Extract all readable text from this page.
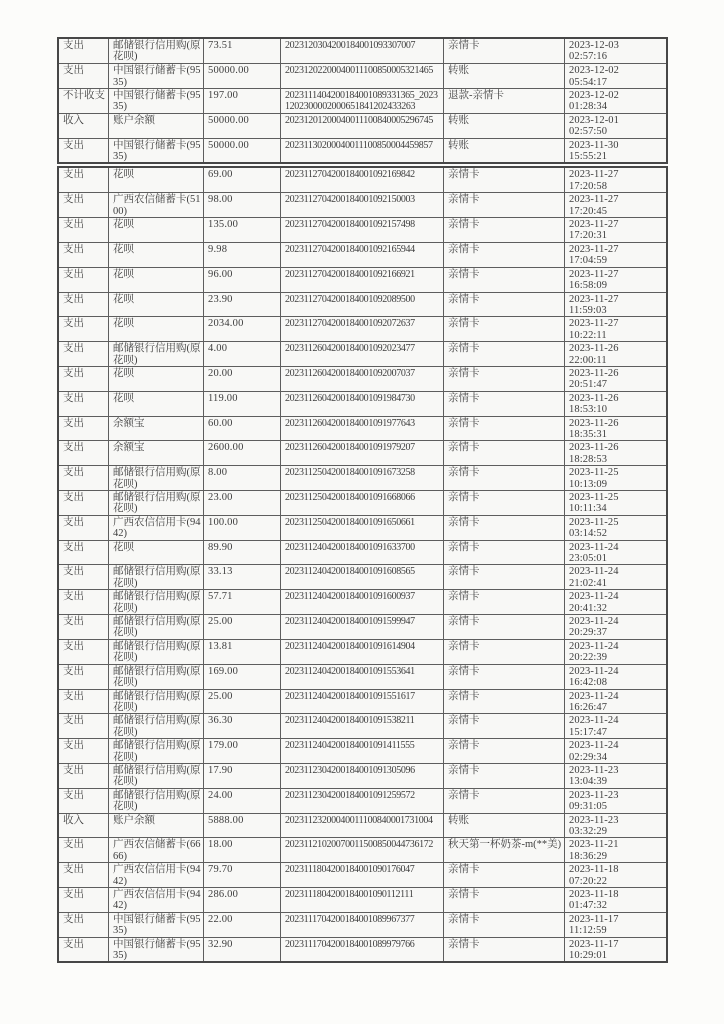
支出	邮储银行信用购(原花呗)
73.51	2023120304200184001093307007	亲情卡	2023-12-03
02:57:16
支出	中国银行储蓄卡(9535)
50000.00	20231202200040011100850005321465	转账	2023-12-02
05:54:17
不计收支 中国银行储蓄卡(9535)
197.00	2023111404200184001089331365_20231202300002000651841202433263
退款-亲情卡	2023-12-02
01:28:34
收入	账户余额	50000.00	20231201200040011100840005296745	转账	2023-12-01
02:57:50
支出	中国银行储蓄卡(9535)
50000.00	20231130200040011100850004459857	转账	2023-11-30
15:55:21
支出	花呗	69.00	2023112704200184001092169842	亲情卡	2023-11-27
17:20:58
支出	广西农信储蓄卡(5100)
98.00	2023112704200184001092150003	亲情卡	2023-11-27
17:20:45
支出	花呗	135.00	2023112704200184001092157498	亲情卡	2023-11-27
17:20:31
支出	花呗	9.98	2023112704200184001092165944	亲情卡	2023-11-27
17:04:59
支出	花呗	96.00	2023112704200184001092166921	亲情卡	2023-11-27
16:58:09
支出	花呗	23.90	2023112704200184001092089500	亲情卡	2023-11-27
11:59:03
支出	花呗	2034.00	2023112704200184001092072637	亲情卡	2023-11-27
10:22:11
支出	邮储银行信用购(原花呗)
4.00	2023112604200184001092023477	亲情卡	2023-11-26
22:00:11
支出	花呗	20.00	2023112604200184001092007037	亲情卡	2023-11-26
20:51:47
支出	花呗	119.00	2023112604200184001091984730	亲情卡	2023-11-26
18:53:10
支出	余额宝	60.00	2023112604200184001091977643	亲情卡	2023-11-26
18:35:31
支出	余额宝	2600.00	2023112604200184001091979207	亲情卡	2023-11-26
18:28:53
支出	邮储银行信用购(原花呗)
8.00	2023112504200184001091673258	亲情卡	2023-11-25
10:13:09
支出	邮储银行信用购(原花呗)
23.00	2023112504200184001091668066	亲情卡	2023-11-25
10:11:34
支出	广西农信信用卡(9442)
100.00	2023112504200184001091650661	亲情卡	2023-11-25
03:14:52
支出	花呗	89.90	2023112404200184001091633700	亲情卡	2023-11-24
23:05:01
支出	邮储银行信用购(原花呗)
33.13	2023112404200184001091608565	亲情卡	2023-11-24
21:02:41
支出	邮储银行信用购(原花呗)
57.71	2023112404200184001091600937	亲情卡	2023-11-24
20:41:32
支出	邮储银行信用购(原花呗)
25.00	2023112404200184001091599947	亲情卡	2023-11-24
20:29:37
支出	邮储银行信用购(原花呗)
13.81	2023112404200184001091614904	亲情卡	2023-11-24
20:22:39
支出	邮储银行信用购(原花呗)
169.00	2023112404200184001091553641	亲情卡	2023-11-24
16:42:08
支出	邮储银行信用购(原花呗)
25.00	2023112404200184001091551617	亲情卡	2023-11-24
16:26:47
支出	邮储银行信用购(原花呗)
36.30	2023112404200184001091538211	亲情卡	2023-11-24
15:17:47
支出	邮储银行信用购(原花呗)
179.00	2023112404200184001091411555	亲情卡	2023-11-24
02:29:34
支出	邮储银行信用购(原花呗)
17.90	2023112304200184001091305096	亲情卡	2023-11-23
13:04:39
支出	邮储银行信用购(原花呗)
24.00	2023112304200184001091259572	亲情卡	2023-11-23
09:31:05
收入	账户余额	5888.00	20231123200040011100840001731004	转账	2023-11-23
03:32:29
支出	广西农信储蓄卡(6666)
18.00	20231121020070011500850044736172	秋天第一杯奶茶-m(**美) 2023-11-21
18:36:29
支出	广西农信信用卡(9442)
79.70	2023111804200184001090176047	亲情卡	2023-11-18
07:20:22
支出	广西农信信用卡(9442)
286.00	2023111804200184001090112111	亲情卡	2023-11-18
01:47:32
支出	中国银行储蓄卡(9535)
22.00	2023111704200184001089967377	亲情卡	2023-11-17
11:12:59
支出	中国银行储蓄卡(9535)
32.90	2023111704200184001089979766	亲情卡	2023-11-17
10:29:01
